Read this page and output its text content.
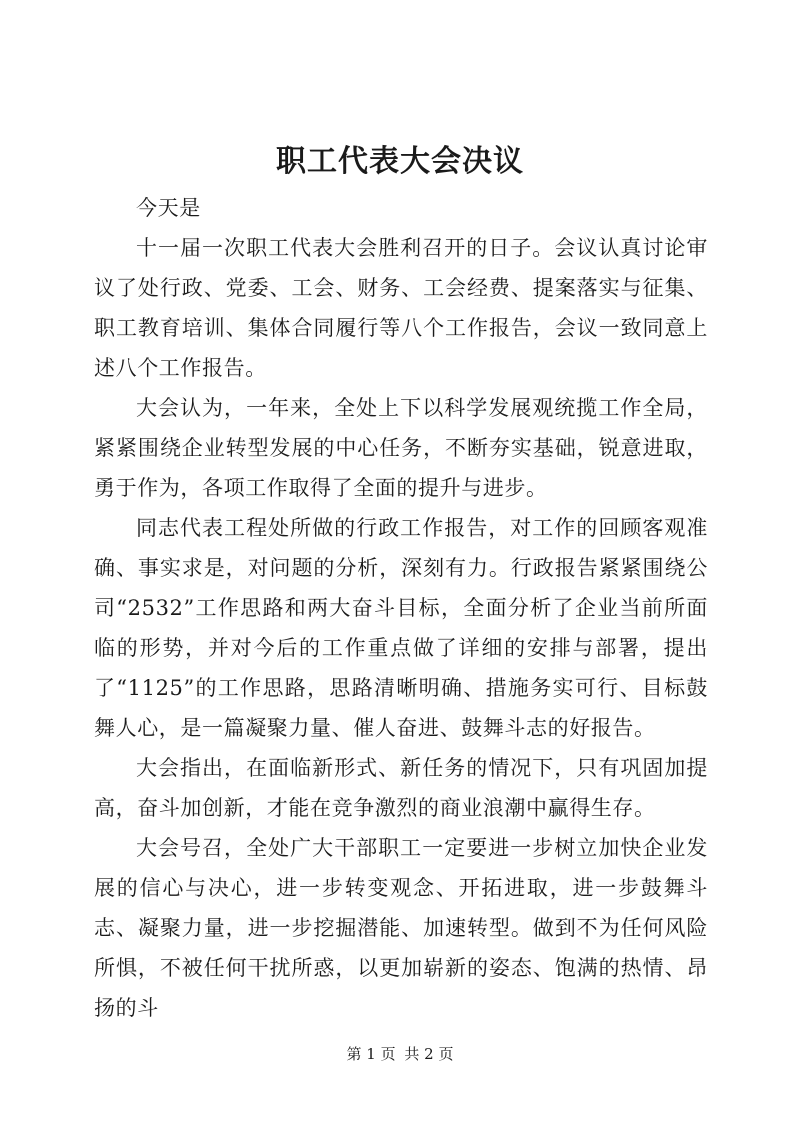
职工代表大会决议

今天是

十一届一次职工代表大会胜利召开的日子。会议认真讨论审议了处行政、党委、工会、财务、工会经费、提案落实与征集、职工教育培训、集体合同履行等八个工作报告，会议一致同意上述八个工作报告。

大会认为，一年来，全处上下以科学发展观统揽工作全局，紧紧围绕企业转型发展的中心任务，不断夯实基础，锐意进取，勇于作为，各项工作取得了全面的提升与进步。

同志代表工程处所做的行政工作报告，对工作的回顾客观准确、事实求是，对问题的分析，深刻有力。行政报告紧紧围绕公司“2532”工作思路和两大奋斗目标，全面分析了企业当前所面临的形势，并对今后的工作重点做了详细的安排与部署，提出了“1125”的工作思路，思路清晰明确、措施务实可行、目标鼓舞人心，是一篇凝聚力量、催人奋进、鼓舞斗志的好报告。

大会指出，在面临新形式、新任务的情况下，只有巩固加提高，奋斗加创新，才能在竞争激烈的商业浪潮中赢得生存。

大会号召，全处广大干部职工一定要进一步树立加快企业发展的信心与决心，进一步转变观念、开拓进取，进一步鼓舞斗志、凝聚力量，进一步挖掘潜能、加速转型。做到不为任何风险所惧，不被任何干扰所惑，以更加崭新的姿态、饱满的热情、昂扬的斗

第 1 页 共 2 页
